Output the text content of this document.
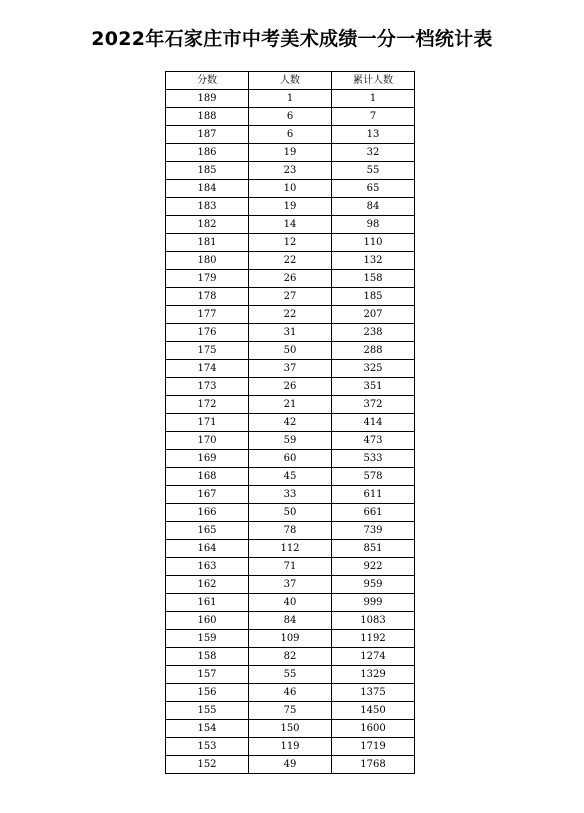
2022年石家庄市中考美术成绩一分一档统计表
分数	人数	累计人数
189	1	1
188	6	7
187	6	13
186	19	32
185	23	55
184	10	65
183	19	84
182	14	98
181	12	110
180	22	132
179	26	158
178	27	185
177	22	207
176	31	238
175	50	288
174	37	325
173	26	351
172	21	372
171	42	414
170	59	473
169	60	533
168	45	578
167	33	611
166	50	661
165	78	739
164	112	851
163	71	922
162	37	959
161	40	999
160	84	1083
159	109	1192
158	82	1274
157	55	1329
156	46	1375
155	75	1450
154	150	1600
153	119	1719
152	49	1768
